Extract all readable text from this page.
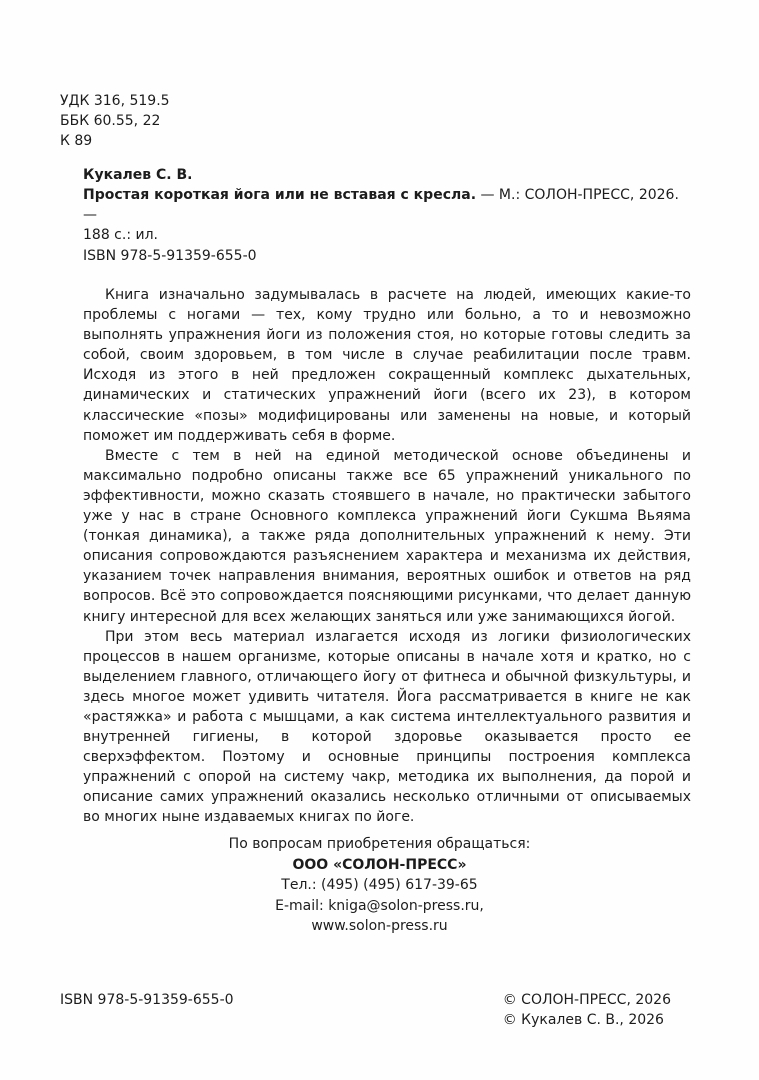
УДК 316, 519.5
ББК 60.55, 22
К 89
Кукалев С. В.
Простая короткая йога или не вставая с кресла. — М.: СОЛОН-ПРЕСС, 2026. —
188 с.: ил.
ISBN 978-5-91359-655-0

Книга изначально задумывалась в расчете на людей, имеющих какие-то проблемы с ногами — тех, кому трудно или больно, а то и невозможно выполнять упражнения йоги из положения стоя, но которые готовы следить за собой, своим здоровьем, в том числе в случае реабилитации после травм. Исходя из этого в ней предложен сокращенный комплекс дыхательных, динамических и статических упражнений йоги (всего их 23), в котором классические «позы» модифицированы или заменены на новые, и который поможет им поддерживать себя в форме.

Вместе с тем в ней на единой методической основе объединены и максимально подробно описаны также все 65 упражнений уникального по эффективности, можно сказать стоявшего в начале, но практически забытого уже у нас в стране Основного комплекса упражнений йоги Сукшма Вьяяма (тонкая динамика), а также ряда дополнительных упражнений к нему. Эти описания сопровождаются разъяснением характера и механизма их действия, указанием точек направления внимания, вероятных ошибок и ответов на ряд вопросов. Всё это сопровождается поясняющими рисунками, что делает данную книгу интересной для всех желающих заняться или уже занимающихся йогой.

При этом весь материал излагается исходя из логики физиологических процессов в нашем организме, которые описаны в начале хотя и кратко, но с выделением главного, отличающего йогу от фитнеса и обычной физкультуры, и здесь многое может удивить читателя. Йога рассматривается в книге не как «растяжка» и работа с мышцами, а как система интеллектуального развития и внутренней гигиены, в которой здоровье оказывается просто ее сверхэффектом. Поэтому и основные принципы построения комплекса упражнений с опорой на систему чакр, методика их выполнения, да порой и описание самих упражнений оказались несколько отличными от описываемых во многих ныне издаваемых книгах по йоге.

По вопросам приобретения обращаться:
ООО «СОЛОН-ПРЕСС»
Тел.: (495) (495) 617-39-65
E-mail: kniga@solon-press.ru,
www.solon-press.ru
ISBN 978-5-91359-655-0	© СОЛОН-ПРЕСС, 2026
© Кукалев С. В., 2026
